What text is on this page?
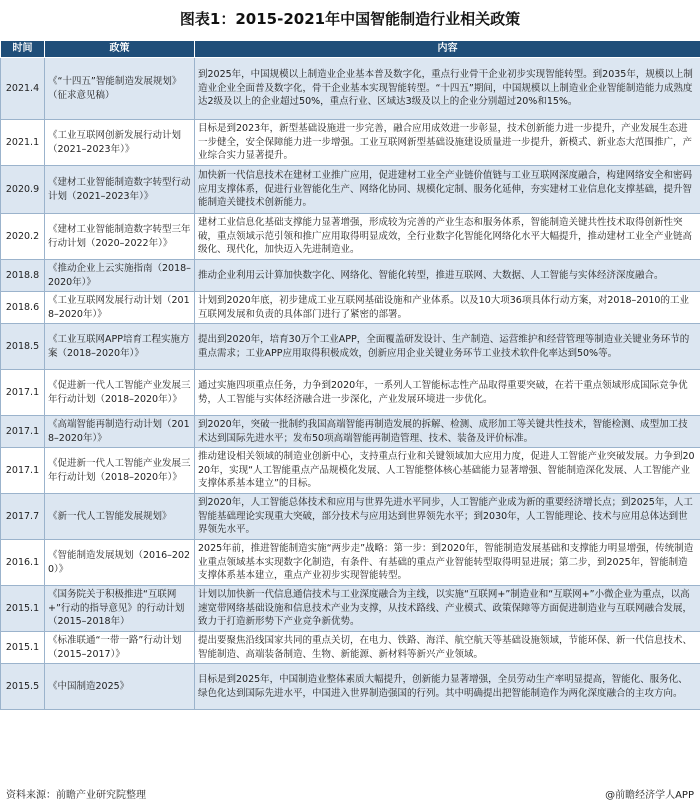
图表1：2015-2021年中国智能制造行业相关政策
时间	政策	内容
2021.4	《“十四五”智能制造发展规划》（征求意见稿）	到2025年，中国规模以上制造业企业基本普及数字化，重点行业骨干企业初步实现智能转型。到2035年，规模以上制造业企业全面普及数字化，骨干企业基本实现智能转型。“十四五”期间，中国规模以上制造业企业智能制造能力成熟度达2级及以上的企业超过50%，重点行业、区域达3级及以上的企业分别超过20%和15%。
2021.1	《工业互联网创新发展行动计划（2021–2023年）》	目标是到2023年，新型基础设施进一步完善，融合应用成效进一步彰显，技术创新能力进一步提升，产业发展生态进一步健全，安全保障能力进一步增强。工业互联网新型基础设施建设质量进一步提升，新模式、新业态大范围推广，产业综合实力显著提升。
2020.9	《建材工业智能制造数字转型行动计划（2021–2023年）》	加快新一代信息技术在建材工业推广应用，促进建材工业全产业链价值链与工业互联网深度融合，构建网络安全和密码应用支撑体系，促进行业智能化生产、网络化协同、规模化定制、服务化延伸，夯实建材工业信息化支撑基础，提升智能制造关键技术创新能力。
2020.2	《建材工业智能制造数字转型三年行动计划（2020–2022年）》	建材工业信息化基础支撑能力显著增强，形成较为完善的产业生态和服务体系，智能制造关键共性技术取得创新性突破，重点领域示范引领和推广应用取得明显成效，全行业数字化智能化网络化水平大幅提升，推动建材工业全产业链高级化、现代化，加快迈入先进制造业。
2018.8	《推动企业上云实施指南（2018–2020年）》	推动企业利用云计算加快数字化、网络化、智能化转型，推进互联网、大数据、人工智能与实体经济深度融合。
2018.6	《工业互联网发展行动计划（2018–2020年）》	计划到2020年底，初步建成工业互联网基础设施和产业体系。以及10大项36项具体行动方案，对2018–2010的工业互联网发展和负责的具体部门进行了紧密的部署。
2018.5	《工业互联网APP培育工程实施方案（2018–2020年）》	提出到2020年，培育30万个工业APP，全面覆盖研发设计、生产制造、运营维护和经营管理等制造业关键业务环节的重点需求；工业APP应用取得积极成效，创新应用企业关键业务环节工业技术软件化率达到50%等。
2017.1	《促进新一代人工智能产业发展三年行动计划（2018–2020年）》	通过实施四项重点任务，力争到2020年，一系列人工智能标志性产品取得重要突破，在若干重点领域形成国际竞争优势，人工智能与实体经济融合进一步深化，产业发展环境进一步优化。
2017.1	《高端智能再制造行动计划（2018–2020年）》	到2020年，突破一批制约我国高端智能再制造发展的拆解、检测、成形加工等关键共性技术，智能检测、成型加工技术达到国际先进水平；发布50项高端智能再制造管理、技术、装备及评价标准。
2017.1	《促进新一代人工智能产业发展三年行动计划（2018–2020年）》	推动建设相关领域的制造业创新中心，支持重点行业和关键领域加大应用力度，促进人工智能产业突破发展。力争到2020年，实现“人工智能重点产品规模化发展、人工智能整体核心基础能力显著增强、智能制造深化发展、人工智能产业支撑体系基本建立”的目标。
2017.7	《新一代人工智能发展规划》	到2020年，人工智能总体技术和应用与世界先进水平同步，人工智能产业成为新的重要经济增长点；到2025年，人工智能基础理论实现重大突破，部分技术与应用达到世界领先水平；到2030年，人工智能理论、技术与应用总体达到世界领先水平。
2016.1	《智能制造发展规划（2016–2020）》	2025年前，推进智能制造实施“两步走”战略：第一步：到2020年，智能制造发展基础和支撑能力明显增强，传统制造业重点领域基本实现数字化制造，有条件、有基础的重点产业智能转型取得明显进展；第二步，到2025年，智能制造支撑体系基本建立，重点产业初步实现智能转型。
2015.1	《国务院关于积极推进“互联网+”行动的指导意见》的行动计划（2015–2018年）	计划以加快新一代信息通信技术与工业深度融合为主线，以实施“互联网+”制造业和“互联网+”小微企业为重点，以高速宽带网络基础设施和信息技术产业为支撑，从技术路线、产业模式、政策保障等方面促进制造业与互联网融合发展，致力于打造新形势下产业竞争新优势。
2015.1	《标准联通“一带一路”行动计划（2015–2017）》	提出要聚焦沿线国家共同的重点关切，在电力、铁路、海洋、航空航天等基础设施领域，节能环保、新一代信息技术、智能制造、高端装备制造、生物、新能源、新材料等新兴产业领域。
2015.5	《中国制造2025》	目标是到2025年，中国制造业整体素质大幅提升，创新能力显著增强，全员劳动生产率明显提高，智能化、服务化、绿色化达到国际先进水平，中国进入世界制造强国的行列。其中明确提出把智能制造作为两化深度融合的主攻方向。
资料来源：前瞻产业研究院整理	@前瞻经济学人APP
